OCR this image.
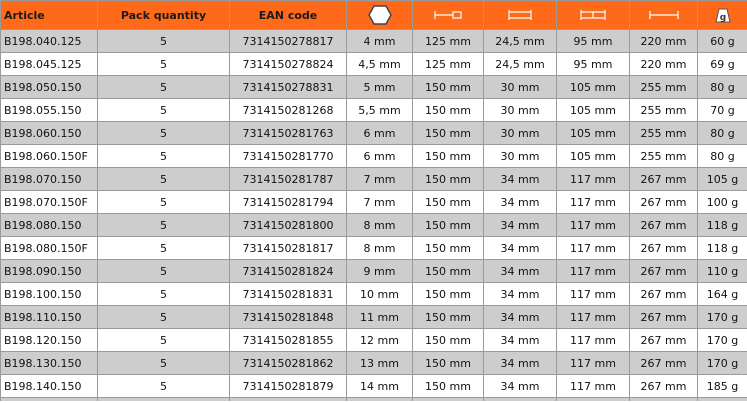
Article	Pack quantity	EAN code						g

B198.040.125	5	7314150278817	4 mm	125 mm	24,5 mm	95 mm	220 mm	60 g
B198.045.125	5	7314150278824	4,5 mm	125 mm	24,5 mm	95 mm	220 mm	69 g
B198.050.150	5	7314150278831	5 mm	150 mm	30 mm	105 mm	255 mm	80 g
B198.055.150	5	7314150281268	5,5 mm	150 mm	30 mm	105 mm	255 mm	70 g
B198.060.150	5	7314150281763	6 mm	150 mm	30 mm	105 mm	255 mm	80 g
B198.060.150F	5	7314150281770	6 mm	150 mm	30 mm	105 mm	255 mm	80 g
B198.070.150	5	7314150281787	7 mm	150 mm	34 mm	117 mm	267 mm	105 g
B198.070.150F	5	7314150281794	7 mm	150 mm	34 mm	117 mm	267 mm	100 g
B198.080.150	5	7314150281800	8 mm	150 mm	34 mm	117 mm	267 mm	118 g
B198.080.150F	5	7314150281817	8 mm	150 mm	34 mm	117 mm	267 mm	118 g
B198.090.150	5	7314150281824	9 mm	150 mm	34 mm	117 mm	267 mm	110 g
B198.100.150	5	7314150281831	10 mm	150 mm	34 mm	117 mm	267 mm	164 g
B198.110.150	5	7314150281848	11 mm	150 mm	34 mm	117 mm	267 mm	170 g
B198.120.150	5	7314150281855	12 mm	150 mm	34 mm	117 mm	267 mm	170 g
B198.130.150	5	7314150281862	13 mm	150 mm	34 mm	117 mm	267 mm	170 g
B198.140.150	5	7314150281879	14 mm	150 mm	34 mm	117 mm	267 mm	185 g
